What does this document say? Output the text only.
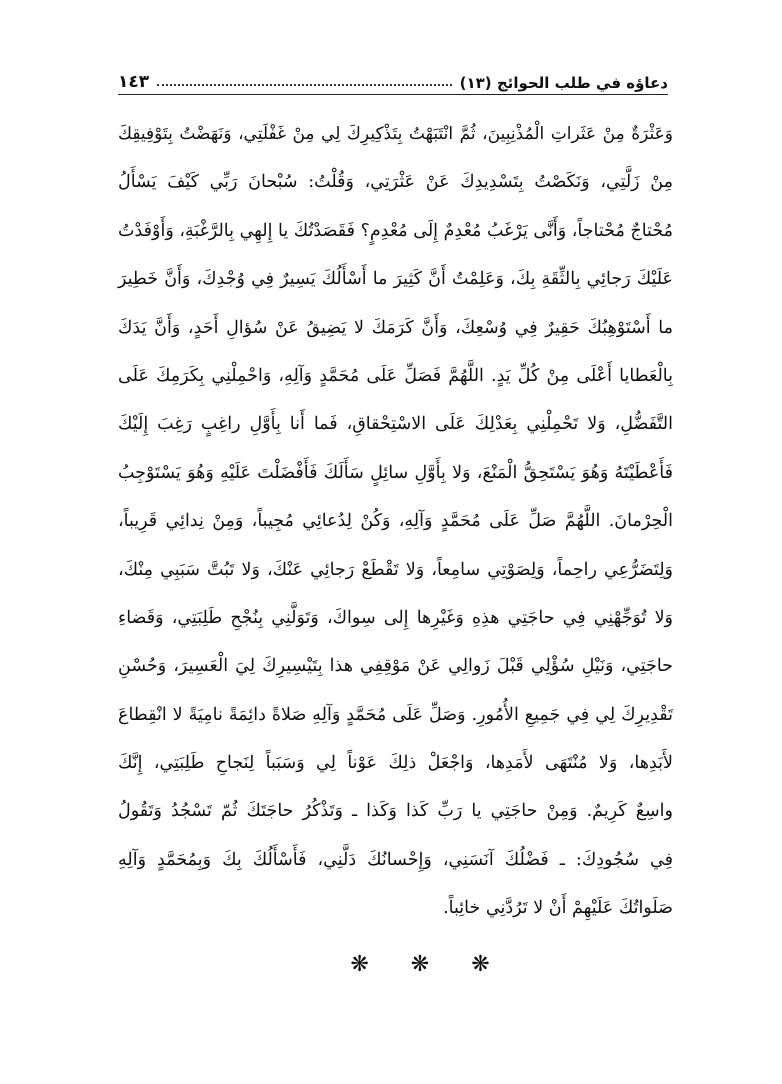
دعاؤه في طلب الحوائج (١٣)
١٤٣
وَعَثْرَةٌ مِنْ عَثَراتِ الْمُذْنِبِينَ، ثُمَّ انْتَبَهْتُ بِتَذْكِيرِكَ لِي مِنْ غَفْلَتِي، وَنَهَضْتُ بِتَوْفِيقِكَ
مِنْ زَلَّتِي، وَنَكَصْتُ بِتَسْدِيدِكَ عَنْ عَثْرَتِي، وَقُلْتُ: سُبْحانَ رَبِّي كَيْفَ يَسْأَلُ
مُحْتاجٌ مُحْتاجاً، وَأَنَّى يَرْغَبُ مُعْدِمٌ إِلَى مُعْدِمٍ؟ فَقَصَدْتُكَ يا إِلهِي بِالرَّغْبَةِ، وَأَوْفَدْتُ
عَلَيْكَ رَجائِي بِالثِّقَةِ بِكَ، وَعَلِمْتُ أَنَّ كَثِيرَ ما أَسْأَلُكَ يَسِيرٌ فِي وُجْدِكَ، وَأَنَّ خَطِيرَ
ما أَسْتَوْهِبُكَ حَقِيرٌ فِي وُسْعِكَ، وَأَنَّ كَرَمَكَ لا يَضِيقُ عَنْ سُؤالِ أَحَدٍ، وَأَنَّ يَدَكَ
بِالْعَطايا أَعْلَى مِنْ كُلِّ يَدٍ. اللَّهُمَّ فَصَلِّ عَلَى مُحَمَّدٍ وَآلِهِ، وَاحْمِلْنِي بِكَرَمِكَ عَلَى
التَّفَضُّلِ، وَلا تَحْمِلْنِي بِعَدْلِكَ عَلَى الاسْتِحْقاقِ، فَما أَنا بِأَوَّلِ راغِبٍ رَغِبَ إِلَيْكَ
فَأَعْطَيْتَهُ وَهُوَ يَسْتَحِقُّ الْمَنْعَ، وَلا بِأَوَّلِ سائِلٍ سَأَلَكَ فَأَفْضَلْتَ عَلَيْهِ وَهُوَ يَسْتَوْجِبُ
الْحِرْمانَ. اللَّهُمَّ صَلِّ عَلَى مُحَمَّدٍ وَآلِهِ، وَكُنْ لِدُعائِي مُجِيباً، وَمِنْ نِدائِي قَرِيباً،
وَلِتَضَرُّعِي راحِماً، وَلِصَوْتِي سامِعاً، وَلا تَقْطَعْ رَجائِي عَنْكَ، وَلا تَبُتَّ سَبَبِي مِنْكَ،
وَلا تُوَجِّهْنِي فِي حاجَتِي هذِهِ وَغَيْرِها إِلى سِواكَ، وَتَوَلَّنِي بِنُجْحِ طَلِبَتِي، وَقَضاءِ
حاجَتِي، وَنَيْلِ سُؤْلِي قَبْلَ زَوالِي عَنْ مَوْقِفِي هذا بِتَيْسِيرِكَ لِيَ الْعَسِيرَ، وَحُسْنِ
تَقْدِيرِكَ لِي فِي جَمِيعِ الأُمُورِ. وَصَلِّ عَلَى مُحَمَّدٍ وَآلِهِ صَلاةً دائِمَةً نامِيَةً لا انْقِطاعَ
لأَبَدِها، وَلا مُنْتَهَى لأَمَدِها، وَاجْعَلْ ذلِكَ عَوْناً لِي وَسَبَباً لِنَجاحِ طَلِبَتِي، إِنَّكَ
واسِعٌ كَرِيمٌ. وَمِنْ حاجَتِي يا رَبِّ كَذا وَكَذا ـ وَتَذْكُرُ حاجَتَكَ ثُمّ تَسْجُدُ وَتَقُولُ
فِي سُجُودِكَ: ـ فَضْلُكَ آنَسَنِي، وَإِحْسانُكَ دَلَّنِي، فَأَسْأَلُكَ بِكَ وَبِمُحَمَّدٍ وَآلِهِ
صَلَواتُكَ عَلَيْهِمْ أَنْ لا تَرُدَّنِي خائِباً.
❋ ❋ ❋
